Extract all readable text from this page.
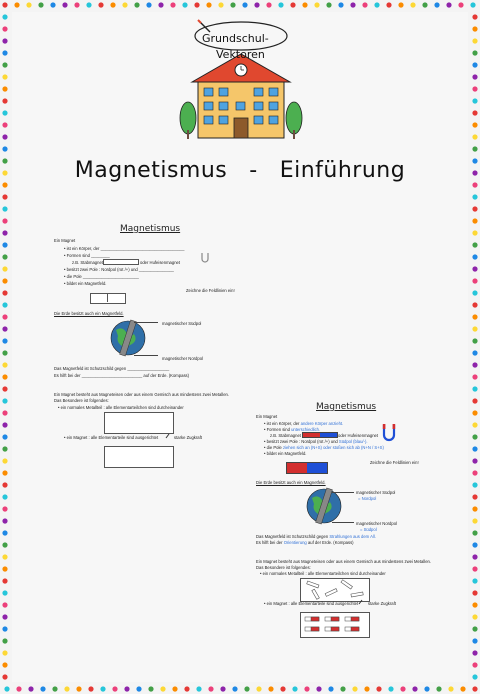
Grundschul-
Vektoren
Magnetismus - Einführung
Magnetismus
Ein Magnet
• ist ein Körper, der ____________________________________
• Formen sind ________
z.B. Stabmagnet	oder Hufeisenmagnet
• besitzt zwei Pole : Nordpol (rot /+) und _______________
• die Pole ________________________
• bildet ein Magnetfeld.
Zeichne die Feldlinien ein!
Die Erde besitzt auch ein Magnetfeld.
magnetischer Südpol
magnetischer Nordpol
Das Magnetfeld ist Schutzschild gegen __________________
Es hilft bei der __________________________ auf der Erde. (Kompass)
Ein Magnet besteht aus Magneteisen oder aus einem Gemisch aus mindestens zwei Metallen.
Das Besondere ist folgendes:
• ein normales Metallteil : alle Elementarteilchen sind durcheinander
• ein Magnet : alle Elementarteile sind ausgerichtet	starke Zugkraft
Magnetismus
Ein Magnet
• ist ein Körper, der andere Körper anzieht.
• Formen sind unterschiedlich.
z.B. Stabmagnet	oder Hufeisenmagnet
• besitzt zwei Pole : Nordpol (rot /+) und Südpol (blau/-).
• die Pole ziehen sich an (N+S) oder stoßen sich ab (N+N / S+S)
• bildet ein Magnetfeld.
Zeichne die Feldlinien ein!
Die Erde besitzt auch ein Magnetfeld.
magnetischer Südpol
= Nordpol
magnetischer Nordpol
= Südpol
Das Magnetfeld ist Schutzschild gegen Strahlungen aus dem All.
Es hilft bei der Orientierung auf der Erde. (Kompass)
Ein Magnet besteht aus Magneteisen oder aus einem Gemisch aus mindestens zwei Metallen.
Das Besondere ist folgendes:
• ein normales Metallteil : alle Elementarteilchen sind durcheinander
• ein Magnet : alle Elementarteile sind ausgerichtet starke Zugkraft
